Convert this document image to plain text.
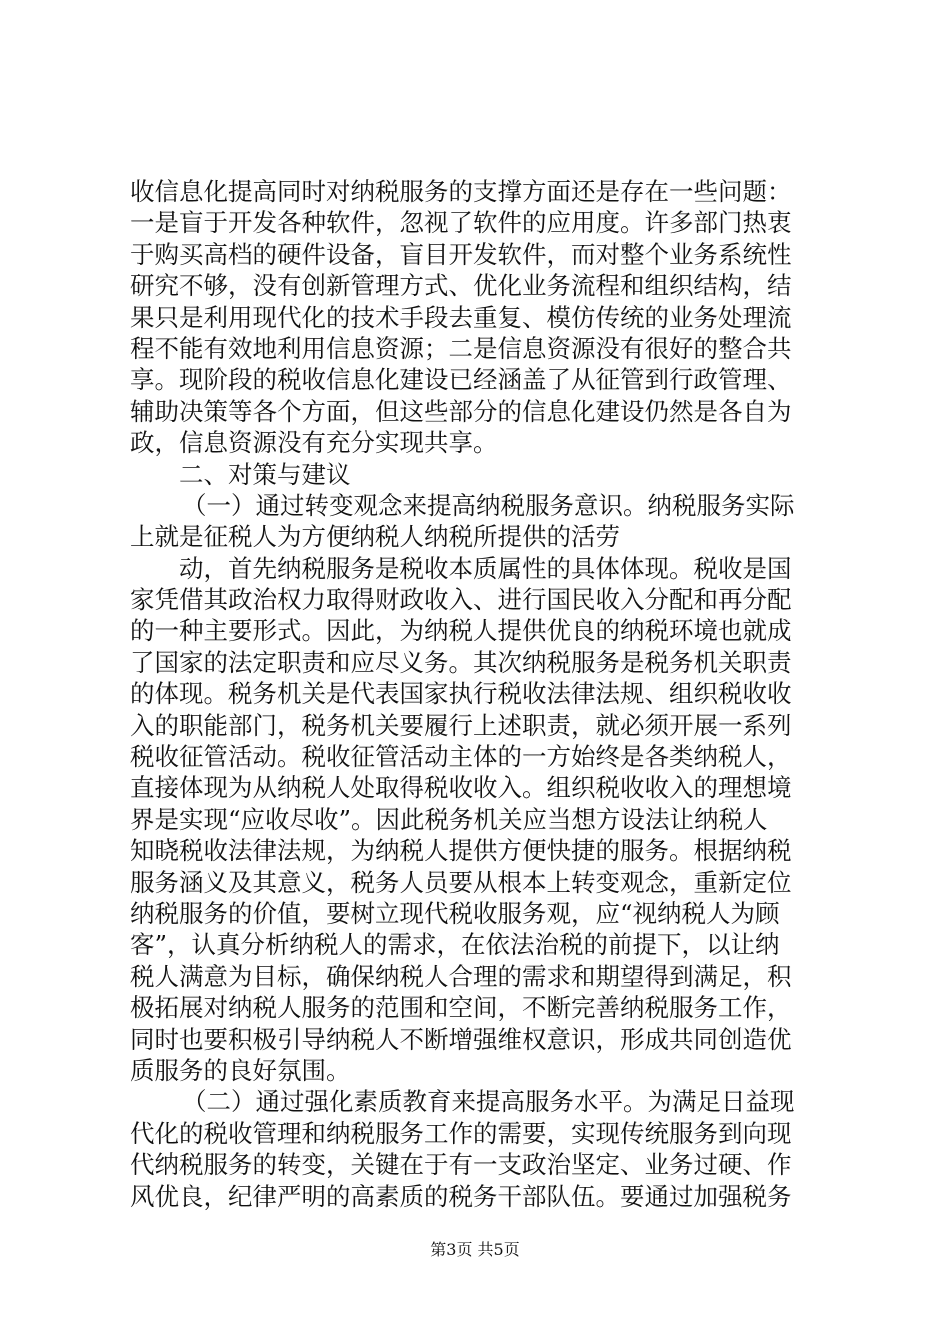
收信息化提高同时对纳税服务的支撑方面还是存在一些问题：
一是盲于开发各种软件，忽视了软件的应用度。许多部门热衷
于购买高档的硬件设备，盲目开发软件，而对整个业务系统性
研究不够，没有创新管理方式、优化业务流程和组织结构，结
果只是利用现代化的技术手段去重复、模仿传统的业务处理流
程不能有效地利用信息资源；二是信息资源没有很好的整合共
享。现阶段的税收信息化建设已经涵盖了从征管到行政管理、
辅助决策等各个方面，但这些部分的信息化建设仍然是各自为
政，信息资源没有充分实现共享。
二、对策与建议
（一）通过转变观念来提高纳税服务意识。纳税服务实际
上就是征税人为方便纳税人纳税所提供的活劳
动，首先纳税服务是税收本质属性的具体体现。税收是国
家凭借其政治权力取得财政收入、进行国民收入分配和再分配
的一种主要形式。因此，为纳税人提供优良的纳税环境也就成
了国家的法定职责和应尽义务。其次纳税服务是税务机关职责
的体现。税务机关是代表国家执行税收法律法规、组织税收收
入的职能部门，税务机关要履行上述职责，就必须开展一系列
税收征管活动。税收征管活动主体的一方始终是各类纳税人，
直接体现为从纳税人处取得税收收入。组织税收收入的理想境
界是实现“应收尽收”。因此税务机关应当想方设法让纳税人
知晓税收法律法规，为纳税人提供方便快捷的服务。根据纳税
服务涵义及其意义，税务人员要从根本上转变观念，重新定位
纳税服务的价值，要树立现代税收服务观，应“视纳税人为顾
客”，认真分析纳税人的需求，在依法治税的前提下，以让纳
税人满意为目标，确保纳税人合理的需求和期望得到满足，积
极拓展对纳税人服务的范围和空间，不断完善纳税服务工作，
同时也要积极引导纳税人不断增强维权意识，形成共同创造优
质服务的良好氛围。
（二）通过强化素质教育来提高服务水平。为满足日益现
代化的税收管理和纳税服务工作的需要，实现传统服务到向现
代纳税服务的转变，关键在于有一支政治坚定、业务过硬、作
风优良，纪律严明的高素质的税务干部队伍。要通过加强税务
第3页 共5页
